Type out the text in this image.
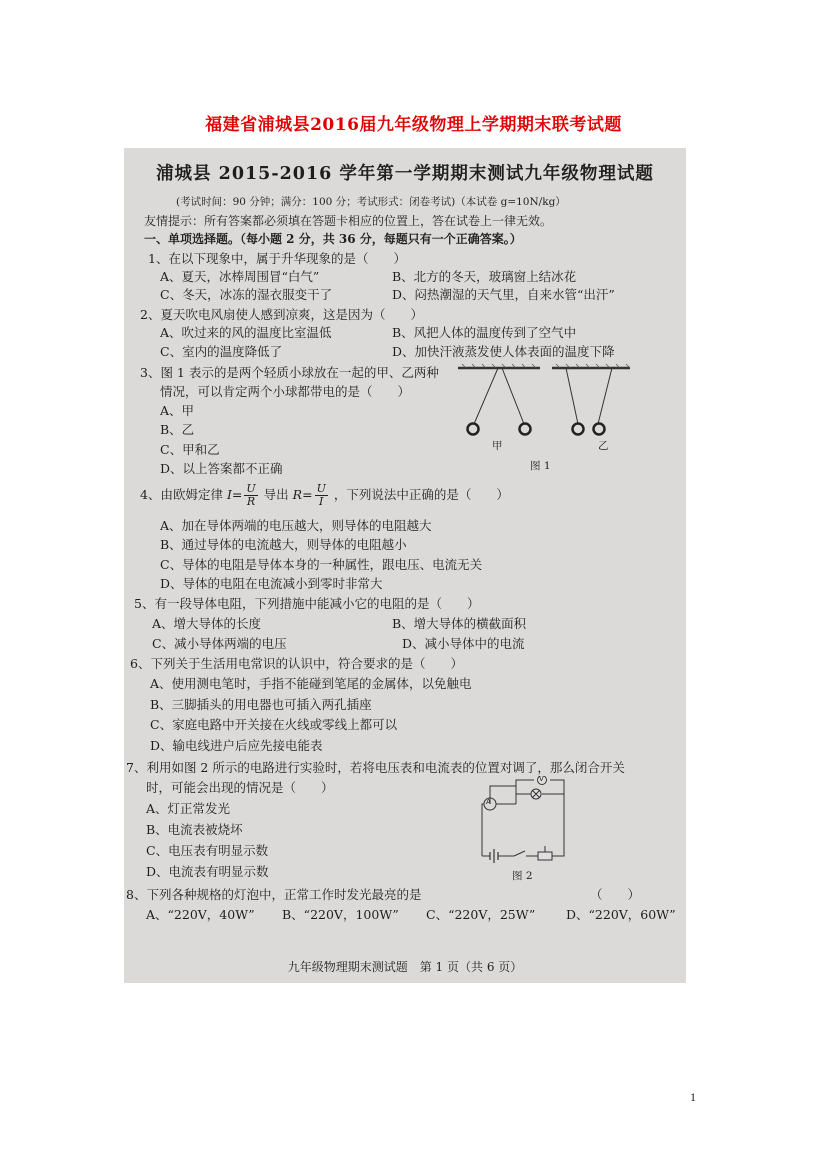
福建省浦城县2016届九年级物理上学期期末联考试题
浦城县 2015-2016 学年第一学期期末测试九年级物理试题
(考试时间：90 分钟；满分：100 分；考试形式：闭卷考试)（本试卷 g=10N/kg）
友情提示：所有答案都必须填在答题卡相应的位置上，答在试卷上一律无效。
一、单项选择题。（每小题 2 分，共 36 分，每题只有一个正确答案。）
1、在以下现象中，属于升华现象的是（　　）
A、夏天，冰棒周围冒“白气”	B、北方的冬天，玻璃窗上结冰花
C、冬天，冰冻的湿衣服变干了	D、闷热潮湿的天气里，自来水管“出汗”
2、夏天吹电风扇使人感到凉爽，这是因为（　　）
A、吹过来的风的温度比室温低	B、风把人体的温度传到了空气中
C、室内的温度降低了	D、加快汗液蒸发使人体表面的温度下降
3、图 1 表示的是两个轻质小球放在一起的甲、乙两种
情况，可以肯定两个小球都带电的是（　　）
A、甲
B、乙
C、甲和乙
D、以上答案都不正确
甲	乙
图 1
4、由欧姆定律 $I= \frac{U}{R}$ 导出 $R= \frac{U}{I}$ ，下列说法中正确的是（　　）
A、加在导体两端的电压越大，则导体的电阻越大
B、通过导体的电流越大，则导体的电阻越小
C、导体的电阻是导体本身的一种属性，跟电压、电流无关
D、导体的电阻在电流减小到零时非常大
5、有一段导体电阻，下列措施中能减小它的电阻的是（　　）
A、增大导体的长度	B、增大导体的横截面积
C、减小导体两端的电压	D、减小导体中的电流
6、下列关于生活用电常识的认识中，符合要求的是（　　）
A、使用测电笔时，手指不能碰到笔尾的金属体，以免触电
B、三脚插头的用电器也可插入两孔插座
C、家庭电路中开关接在火线或零线上都可以
D、输电线进户后应先接电能表
7、利用如图 2 所示的电路进行实验时，若将电压表和电流表的位置对调了，那么闭合开关
时，可能会出现的情况是（　　）
A、灯正常发光
B、电流表被烧坏
C、电压表有明显示数
D、电流表有明显示数
A
V
图 2
8、下列各种规格的灯泡中，正常工作时发光最亮的是	（　　）
A、“220V，40W” B、“220V，100W” C、“220V，25W” D、“220V，60W”
九年级物理期末测试题　第 1 页（共 6 页）
1
